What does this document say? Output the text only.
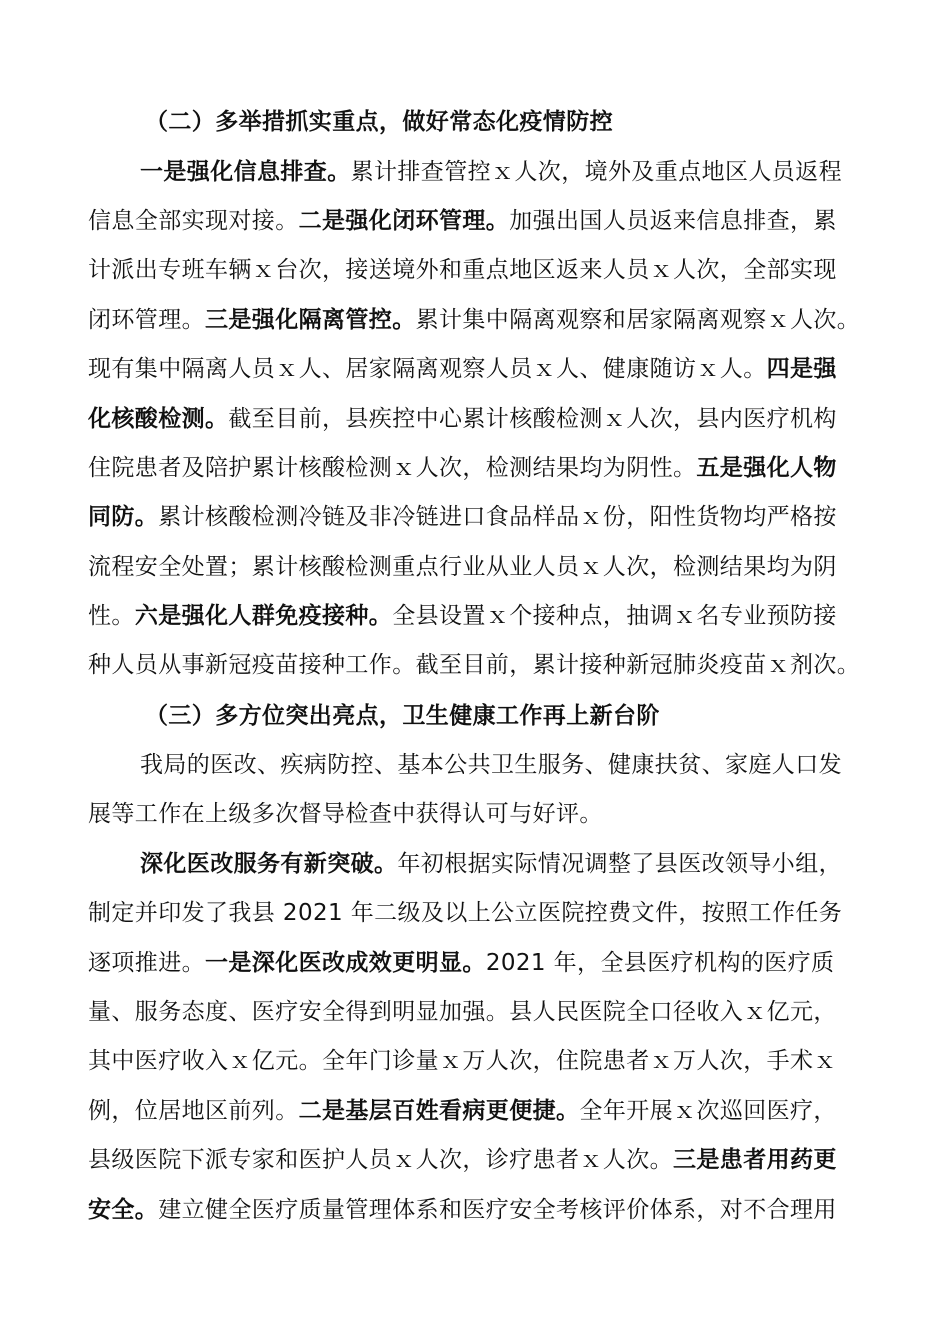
（二）多举措抓实重点，做好常态化疫情防控
一是强化信息排查。累计排查管控ｘ人次，境外及重点地区人员返程
信息全部实现对接。二是强化闭环管理。加强出国人员返来信息排查，累
计派出专班车辆ｘ台次，接送境外和重点地区返来人员ｘ人次，全部实现
闭环管理。三是强化隔离管控。累计集中隔离观察和居家隔离观察ｘ人次。
现有集中隔离人员ｘ人、居家隔离观察人员ｘ人、健康随访ｘ人。四是强
化核酸检测。截至目前，县疾控中心累计核酸检测ｘ人次，县内医疗机构
住院患者及陪护累计核酸检测ｘ人次，检测结果均为阴性。五是强化人物
同防。累计核酸检测冷链及非冷链进口食品样品ｘ份，阳性货物均严格按
流程安全处置；累计核酸检测重点行业从业人员ｘ人次，检测结果均为阴
性。六是强化人群免疫接种。全县设置ｘ个接种点，抽调ｘ名专业预防接
种人员从事新冠疫苗接种工作。截至目前，累计接种新冠肺炎疫苗ｘ剂次。
（三）多方位突出亮点，卫生健康工作再上新台阶
我局的医改、疾病防控、基本公共卫生服务、健康扶贫、家庭人口发
展等工作在上级多次督导检查中获得认可与好评。
深化医改服务有新突破。年初根据实际情况调整了县医改领导小组，
制定并印发了我县 2021 年二级及以上公立医院控费文件，按照工作任务
逐项推进。一是深化医改成效更明显。2021 年，全县医疗机构的医疗质
量、服务态度、医疗安全得到明显加强。县人民医院全口径收入ｘ亿元，
其中医疗收入ｘ亿元。全年门诊量ｘ万人次，住院患者ｘ万人次，手术ｘ
例，位居地区前列。二是基层百姓看病更便捷。全年开展ｘ次巡回医疗，
县级医院下派专家和医护人员ｘ人次，诊疗患者ｘ人次。三是患者用药更
安全。建立健全医疗质量管理体系和医疗安全考核评价体系，对不合理用
